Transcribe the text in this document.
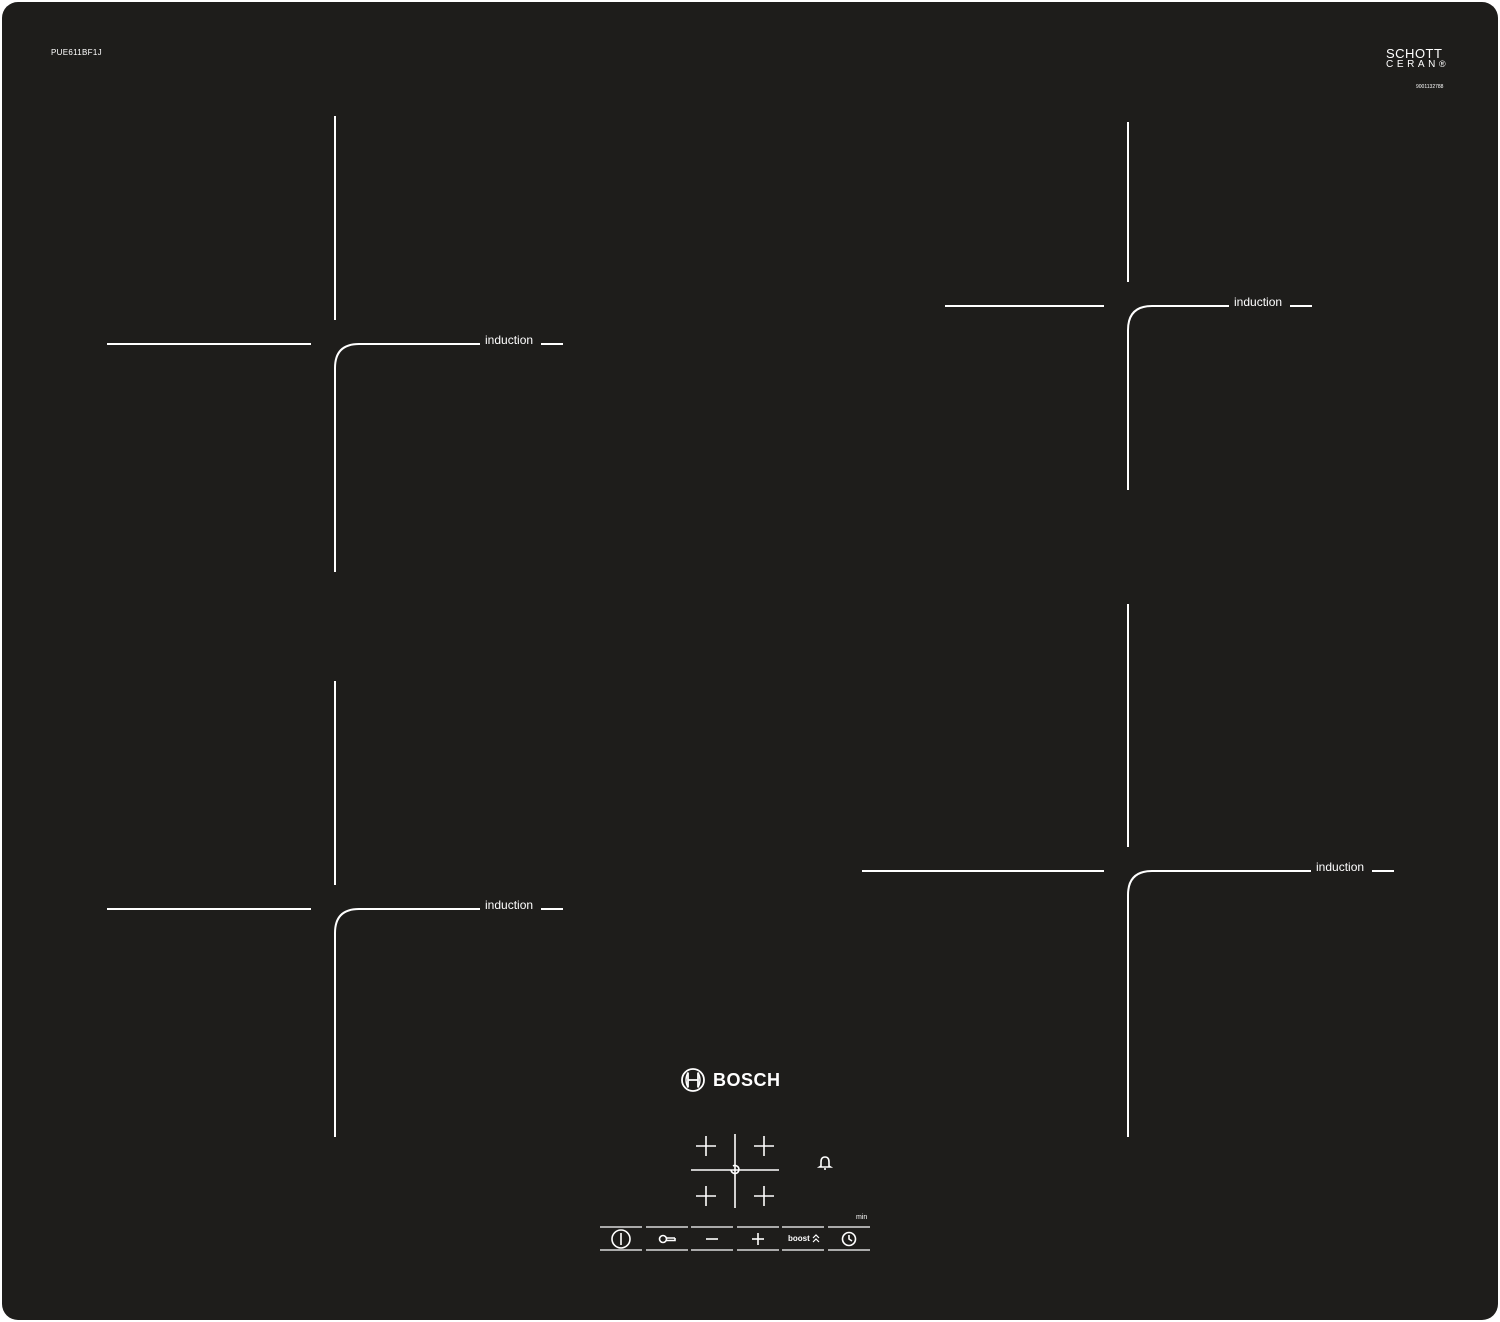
PUE611BF1J	SCHOTT
CERAN®
9001132788
induction
induction
induction
induction
BOSCH
min
boost
